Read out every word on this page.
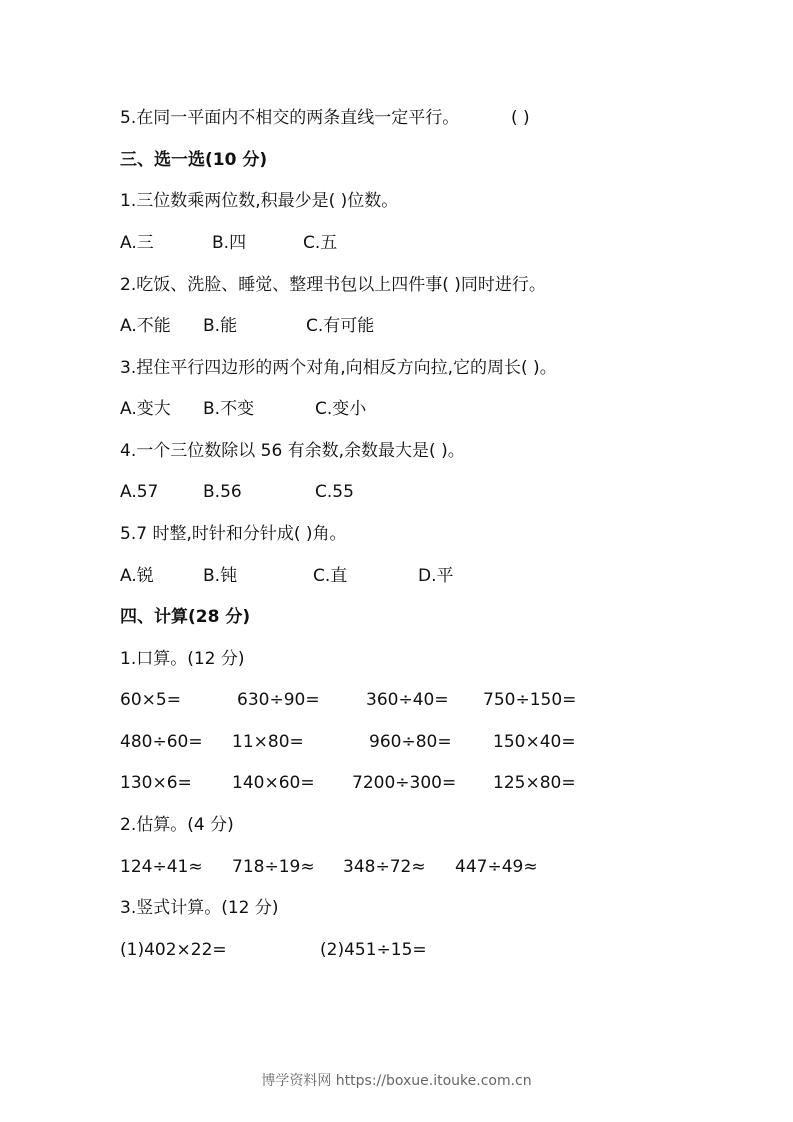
5.在同一平面内不相交的两条直线一定平行。	( )
三、选一选(10 分)
1.三位数乘两位数,积最少是( )位数。
A.三	B.四	C.五
2.吃饭、洗脸、睡觉、整理书包以上四件事( )同时进行。
A.不能 B.能	C.有可能
3.捏住平行四边形的两个对角,向相反方向拉,它的周长( )。
A.变大 B.不变	C.变小
4.一个三位数除以 56 有余数,余数最大是( )。
A.57	B.56	C.55
5.7 时整,时针和分针成( )角。
A.锐	B.钝	C.直	D.平
四、计算(28 分)
1.口算。(12 分)
60×5=	630÷90=	360÷40= 750÷150=
480÷60= 11×80=	960÷80= 150×40=
130×6= 140×60= 7200÷300= 125×80=
2.估算。(4 分)
124÷41≈ 718÷19≈ 348÷72≈ 447÷49≈
3.竖式计算。(12 分)
(1)402×22=	(2)451÷15=
博学资料网 https://boxue.itouke.com.cn
